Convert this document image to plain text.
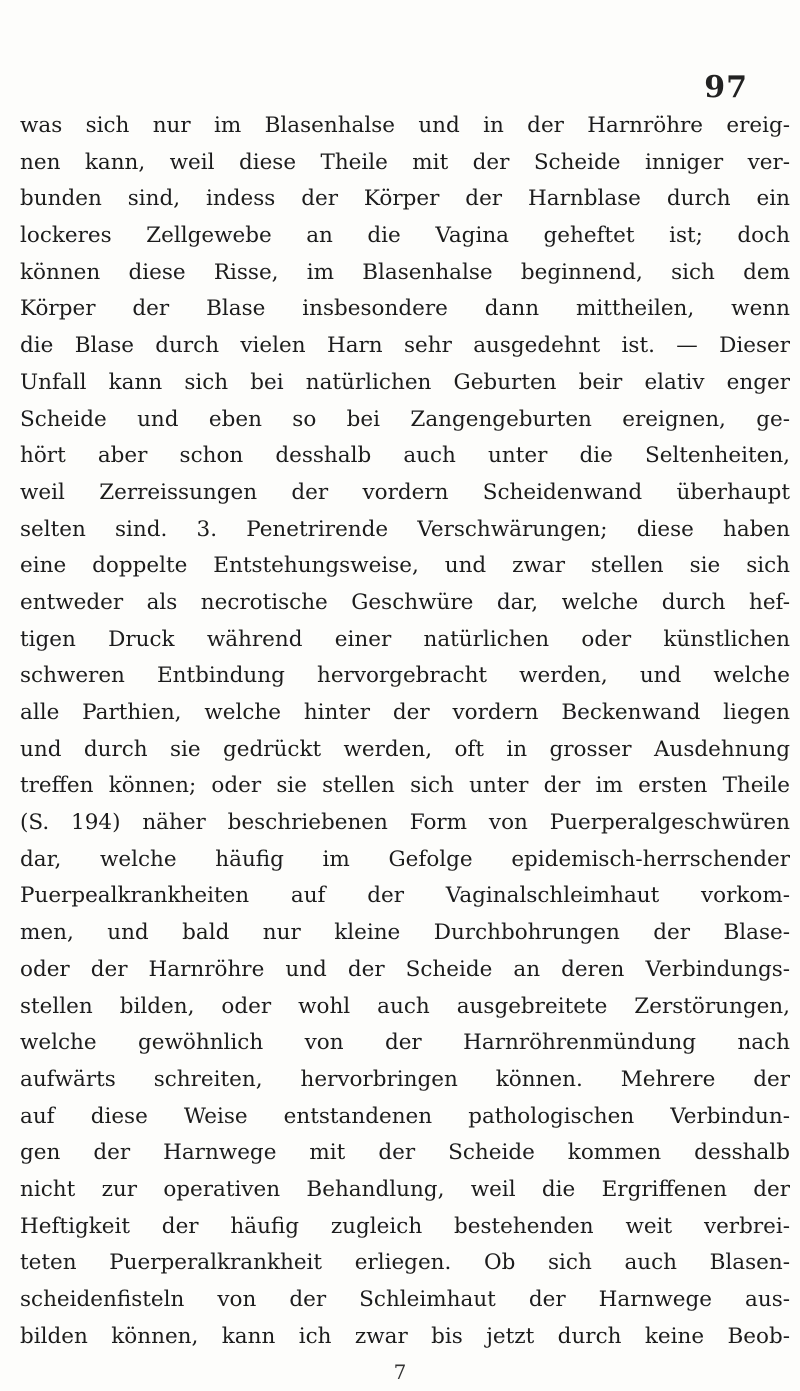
97
was sich nur im Blasenhalse und in der Harnröhre ereig-
nen kann, weil diese Theile mit der Scheide inniger ver-
bunden sind, indess der Körper der Harnblase durch ein
lockeres Zellgewebe an die Vagina geheftet ist; doch
können diese Risse, im Blasenhalse beginnend, sich dem
Körper der Blase insbesondere dann mittheilen, wenn
die Blase durch vielen Harn sehr ausgedehnt ist. — Dieser
Unfall kann sich bei natürlichen Geburten beir elativ enger
Scheide und eben so bei Zangengeburten ereignen, ge-
hört aber schon desshalb auch unter die Seltenheiten,
weil Zerreissungen der vordern Scheidenwand überhaupt
selten sind. 3. Penetrirende Verschwärungen; diese haben
eine doppelte Entstehungsweise, und zwar stellen sie sich
entweder als necrotische Geschwüre dar, welche durch hef-
tigen Druck während einer natürlichen oder künstlichen
schweren Entbindung hervorgebracht werden, und welche
alle Parthien, welche hinter der vordern Beckenwand liegen
und durch sie gedrückt werden, oft in grosser Ausdehnung
treffen können; oder sie stellen sich unter der im ersten Theile
(S. 194) näher beschriebenen Form von Puerperalgeschwüren
dar, welche häufig im Gefolge epidemisch-herrschender
Puerpealkrankheiten auf der Vaginalschleimhaut vorkom-
men, und bald nur kleine Durchbohrungen der Blase-
oder der Harnröhre und der Scheide an deren Verbindungs-
stellen bilden, oder wohl auch ausgebreitete Zerstörungen,
welche gewöhnlich von der Harnröhrenmündung nach
aufwärts schreiten, hervorbringen können. Mehrere der
auf diese Weise entstandenen pathologischen Verbindun-
gen der Harnwege mit der Scheide kommen desshalb
nicht zur operativen Behandlung, weil die Ergriffenen der
Heftigkeit der häufig zugleich bestehenden weit verbrei-
teten Puerperalkrankheit erliegen. Ob sich auch Blasen-
scheidenfisteln von der Schleimhaut der Harnwege aus-
bilden können, kann ich zwar bis jetzt durch keine Beob-
7
